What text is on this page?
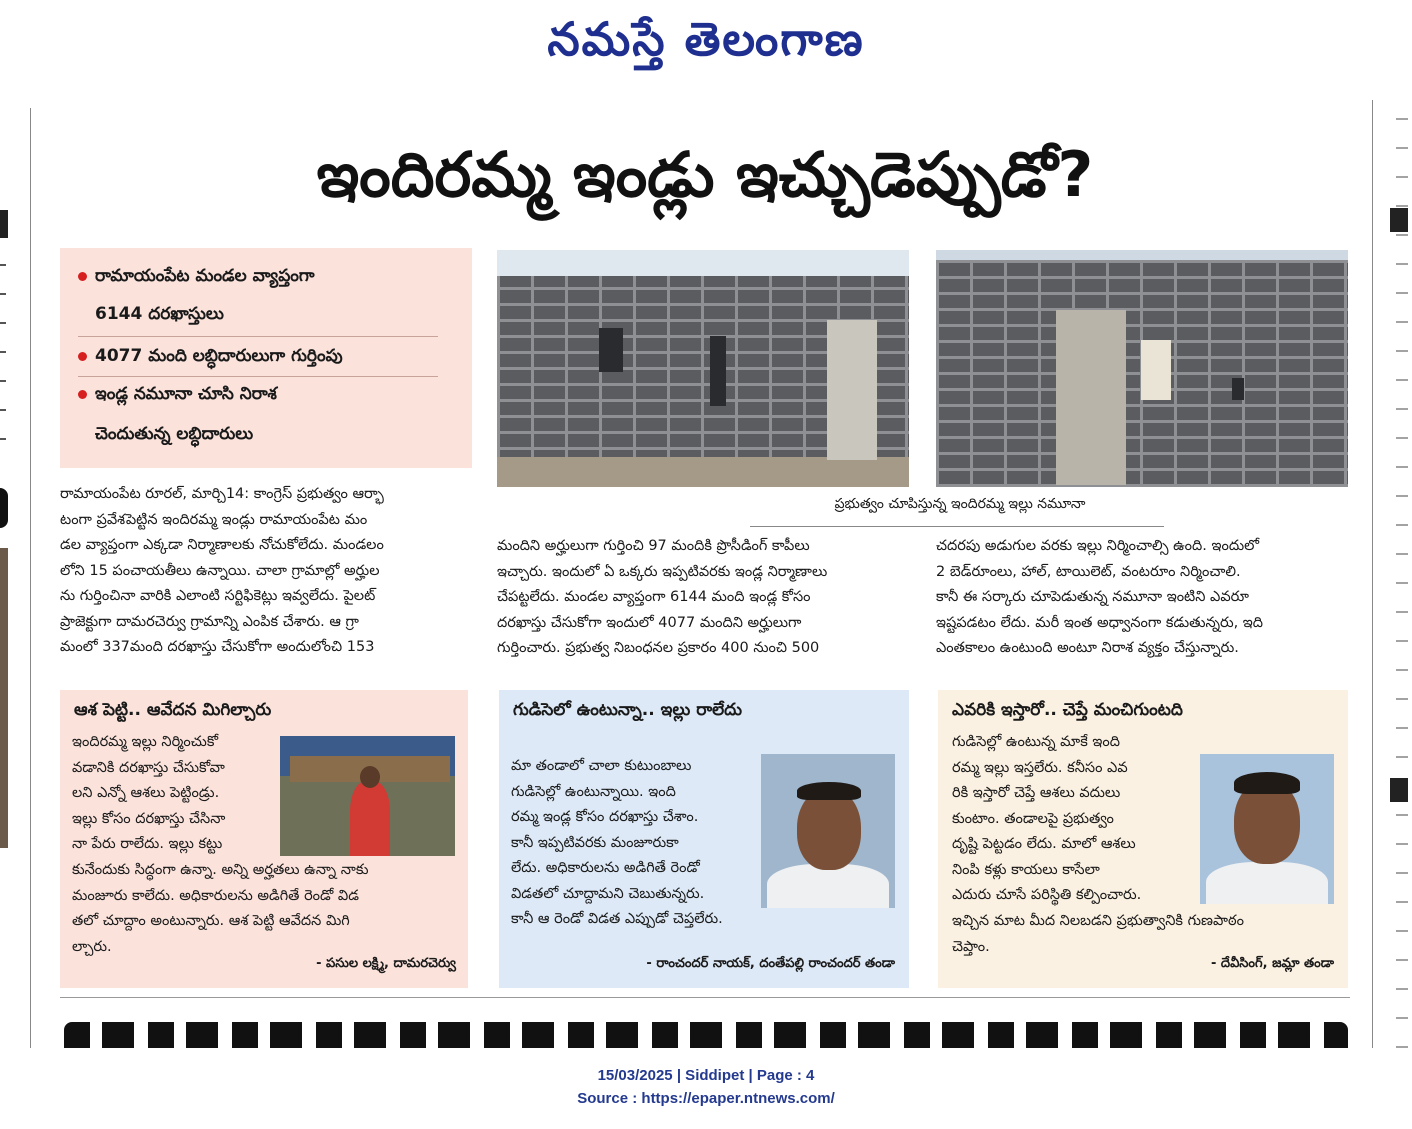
నమస్తే తెలంగాణ
ఇందిరమ్మ ఇండ్లు ఇచ్చుడెప్పుడో?
రామాయంపేట మండల వ్యాప్తంగా
6144 దరఖాస్తులు
4077 మంది లబ్ధిదారులుగా గుర్తింపు
ఇండ్ల నమూనా చూసి నిరాశ
చెందుతున్న లబ్ధిదారులు
ప్రభుత్వం చూపిస్తున్న ఇందిరమ్మ ఇల్లు నమూనా
రామాయంపేట రూరల్, మార్చి14: కాంగ్రెస్ ప్రభుత్వం ఆర్భా
టంగా ప్రవేశపెట్టిన ఇందిరమ్మ ఇండ్లు రామాయంపేట మం
డల వ్యాప్తంగా ఎక్కడా నిర్మాణాలకు నోచుకోలేదు. మండలం
లోని 15 పంచాయతీలు ఉన్నాయి. చాలా గ్రామాల్లో అర్హుల
ను గుర్తించినా వారికి ఎలాంటి సర్టిఫికెట్లు ఇవ్వలేదు. పైలట్
ప్రాజెక్టుగా దామరచెర్వు గ్రామాన్ని ఎంపిక చేశారు. ఆ గ్రా
మంలో 337మంది దరఖాస్తు చేసుకోగా అందులోంచి 153
మందిని అర్హులుగా గుర్తించి 97 మందికి ప్రొసీడింగ్ కాపీలు
ఇచ్చారు. ఇందులో ఏ ఒక్కరు ఇప్పటివరకు ఇండ్ల నిర్మాణాలు
చేపట్టలేదు. మండల వ్యాప్తంగా 6144 మంది ఇండ్ల కోసం
దరఖాస్తు చేసుకోగా ఇందులో 4077 మందిని అర్హులుగా
గుర్తించారు. ప్రభుత్వ నిబంధనల ప్రకారం 400 నుంచి 500
చదరపు అడుగుల వరకు ఇల్లు నిర్మించాల్సి ఉంది. ఇందులో
2 బెడ్‌రూంలు, హాల్, టాయిలెట్, వంటరూం నిర్మించాలి.
కానీ ఈ సర్కారు చూపెడుతున్న నమూనా ఇంటిని ఎవరూ
ఇష్టపడటం లేదు. మరీ ఇంత అధ్వానంగా కడుతున్నరు, ఇది
ఎంతకాలం ఉంటుంది అంటూ నిరాశ వ్యక్తం చేస్తున్నారు.
ఆశ పెట్టి.. ఆవేదన మిగిల్చారు
ఇందిరమ్మ ఇల్లు నిర్మించుకో
వడానికి దరఖాస్తు చేసుకోవా
లని ఎన్నో ఆశలు పెట్టిండ్రు.
ఇల్లు కోసం దరఖాస్తు చేసినా
నా పేరు రాలేదు. ఇల్లు కట్టు
కునేందుకు సిద్ధంగా ఉన్నా. అన్ని అర్హతలు ఉన్నా నాకు
మంజూరు కాలేదు. అధికారులను అడిగితే రెండో విడ
తలో చూద్దాం అంటున్నారు. ఆశ పెట్టి ఆవేదన మిగి
ల్చారు.
- పసుల లక్ష్మి, దామరచెర్వు
గుడిసెలో ఉంటున్నా.. ఇల్లు రాలేదు
మా తండాలో చాలా కుటుంబాలు
గుడిసెల్లో ఉంటున్నాయి. ఇంది
రమ్మ ఇండ్ల కోసం దరఖాస్తు చేశాం.
కానీ ఇప్పటివరకు మంజూరుకా
లేదు. అధికారులను అడిగితే రెండో
విడతలో చూద్దామని చెబుతున్నరు.
కానీ ఆ రెండో విడత ఎప్పుడో చెప్తలేరు.
- రాంచందర్ నాయక్, దంతేపల్లి రాంచందర్ తండా
ఎవరికి ఇస్తారో.. చెప్తే మంచిగుంటది
గుడిసెల్లో ఉంటున్న మాకే ఇంది
రమ్మ ఇల్లు ఇస్తలేరు. కనీసం ఎవ
రికి ఇస్తారో చెప్తే ఆశలు వదులు
కుంటాం. తండాలపై ప్రభుత్వం
దృష్టి పెట్టడం లేదు. మాలో ఆశలు
నింపి కళ్లు కాయలు కాసేలా
ఎదురు చూసే పరిస్థితి కల్పించారు.
ఇచ్చిన మాట మీద నిలబడని ప్రభుత్వానికి గుణపాఠం
చెప్తాం.
- దేవీసింగ్, జమ్లా తండా
15/03/2025 | Siddipet | Page : 4
Source : https://epaper.ntnews.com/
